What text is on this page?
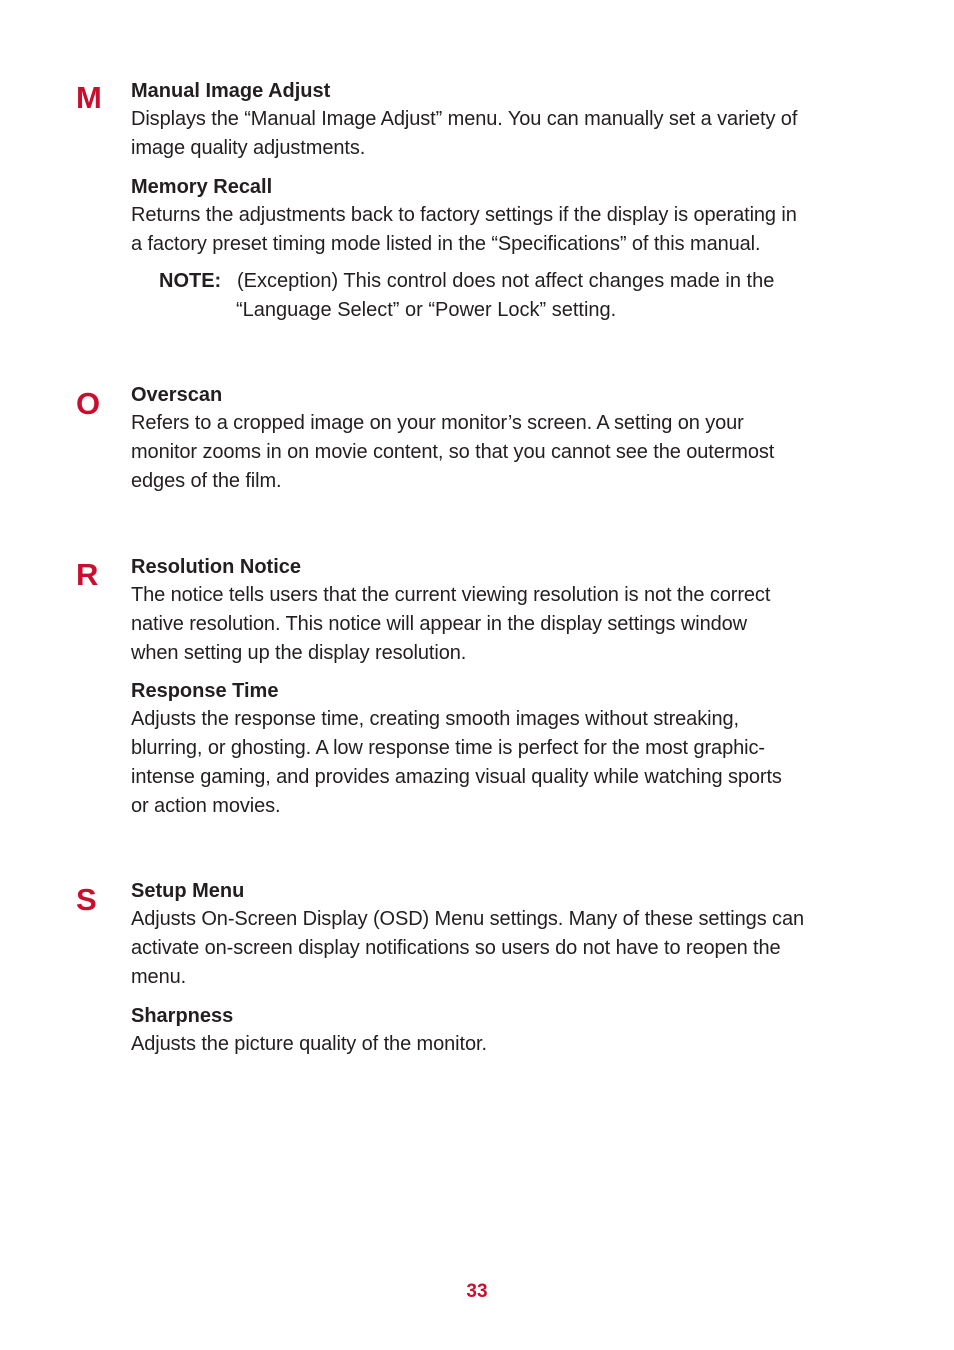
M Manual Image Adjust

Displays the “Manual Image Adjust” menu. You can manually set a variety of

image quality adjustments.

Memory Recall

Returns the adjustments back to factory settings if the display is operating in

a factory preset timing mode listed in the “Specifications” of this manual.

NOTE: (Exception) This control does not affect changes made in the
“Language Select” or “Power Lock” setting.
O Overscan

Refers to a cropped image on your monitor’s screen. A setting on your

monitor zooms in on movie content, so that you cannot see the outermost

edges of the film.

R Resolution Notice

The notice tells users that the current viewing resolution is not the correct

native resolution. This notice will appear in the display settings window

when setting up the display resolution.

Response Time

Adjusts the response time, creating smooth images without streaking,

blurring, or ghosting. A low response time is perfect for the most graphic-

intense gaming, and provides amazing visual quality while watching sports

or action movies.

S Setup Menu

Adjusts On-Screen Display (OSD) Menu settings. Many of these settings can

activate on-screen display notifications so users do not have to reopen the

menu.

Sharpness

Adjusts the picture quality of the monitor.

33
